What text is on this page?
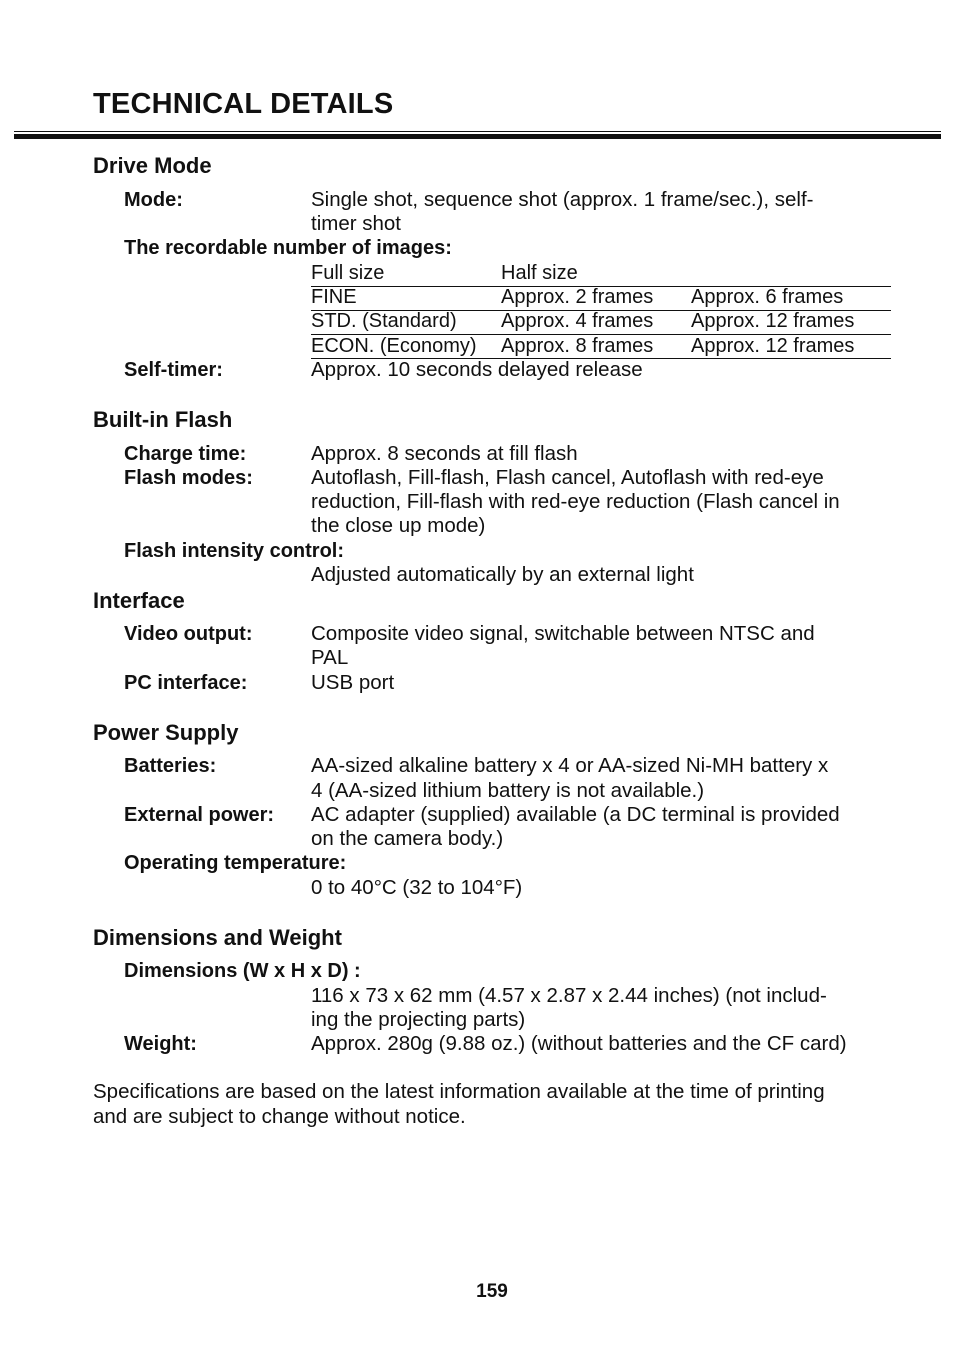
TECHNICAL DETAILS
Drive Mode
Mode:	Single shot, sequence shot (approx. 1 frame/sec.), self-
timer shot
The recordable number of images:
Full size	Half size
FINE	Approx. 2 frames Approx. 6 frames
STD. (Standard) Approx. 4 frames Approx. 12 frames
ECON. (Economy) Approx. 8 frames Approx. 12 frames
Self-timer:	Approx. 10 seconds delayed release
Built-in Flash
Charge time:	Approx. 8 seconds at fill flash
Flash modes:	Autoflash, Fill-flash, Flash cancel, Autoflash with red-eye
reduction, Fill-flash with red-eye reduction (Flash cancel in
the close up mode)
Flash intensity control:
Adjusted automatically by an external light
Interface
Video output:	Composite video signal, switchable between NTSC and
PAL
PC interface:	USB port
Power Supply
Batteries:	AA-sized alkaline battery x 4 or AA-sized Ni-MH battery x
4 (AA-sized lithium battery is not available.)
External power: AC adapter (supplied) available (a DC terminal is provided
on the camera body.)
Operating temperature:
0 to 40°C (32 to 104°F)
Dimensions and Weight
Dimensions (W x H x D) :
116 x 73 x 62 mm (4.57 x 2.87 x 2.44 inches) (not includ-
ing the projecting parts)
Weight:	Approx. 280g (9.88 oz.) (without batteries and the CF card)
Specifications are based on the latest information available at the time of printing
and are subject to change without notice.
159
